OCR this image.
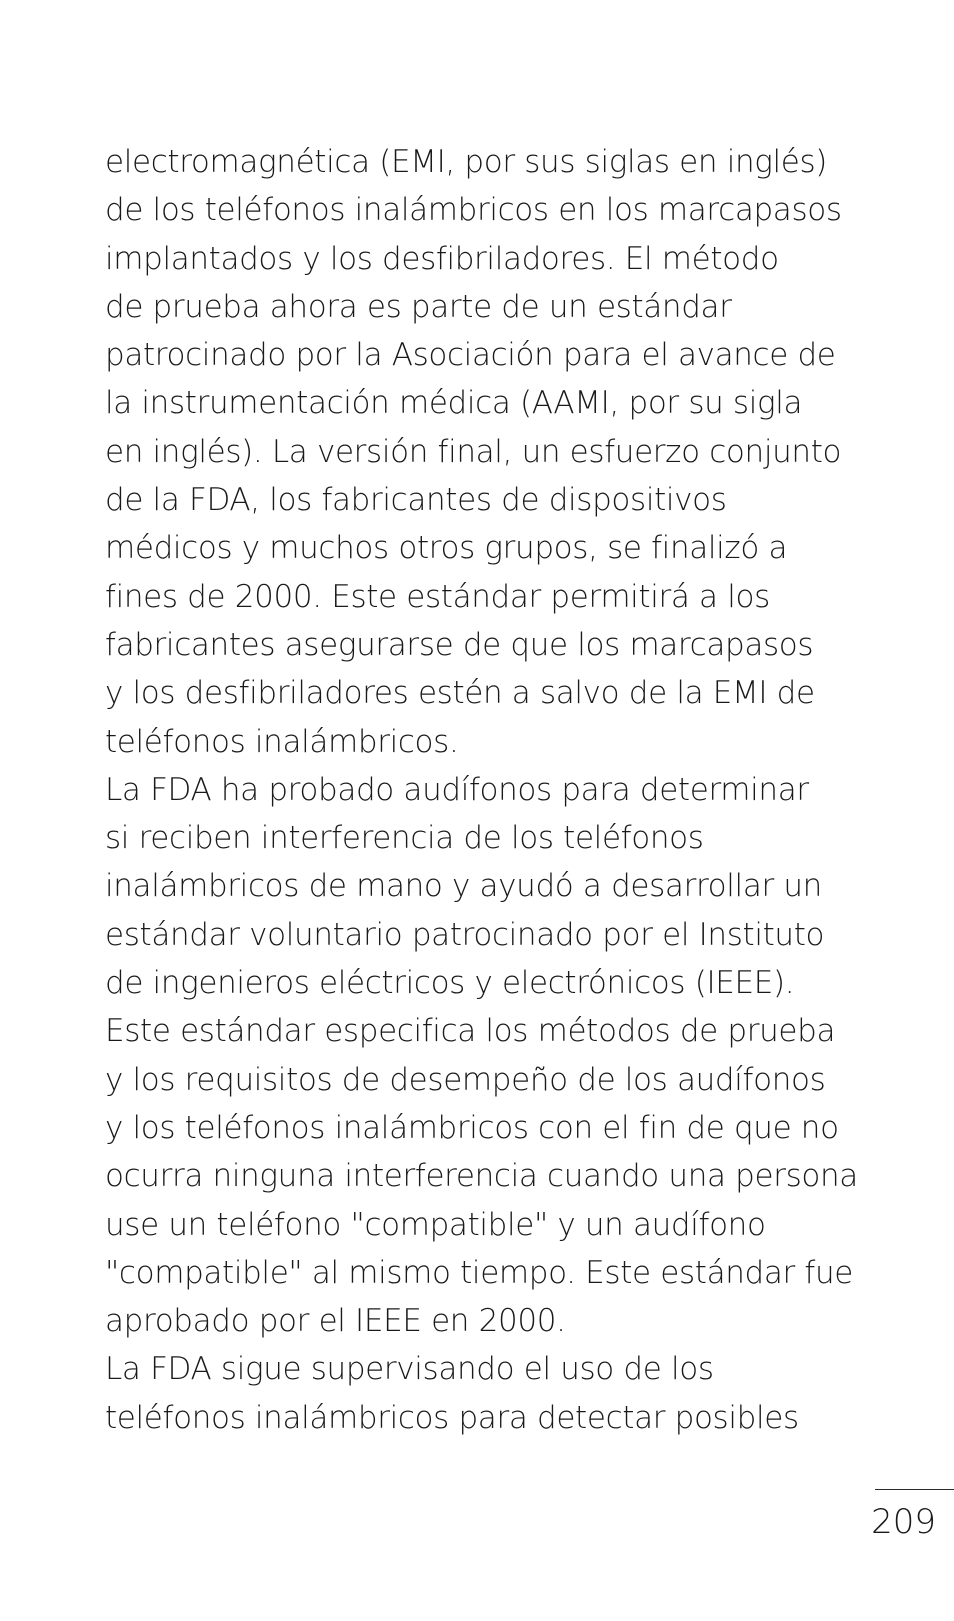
electromagnética (EMI, por sus siglas en inglés)
de los teléfonos inalámbricos en los marcapasos
implantados y los desfibriladores. El método
de prueba ahora es parte de un estándar
patrocinado por la Asociación para el avance de
la instrumentación médica (AAMI, por su sigla
en inglés). La versión final, un esfuerzo conjunto
de la FDA, los fabricantes de dispositivos
médicos y muchos otros grupos, se finalizó a
fines de 2000. Este estándar permitirá a los
fabricantes asegurarse de que los marcapasos
y los desfibriladores estén a salvo de la EMI de
teléfonos inalámbricos.
La FDA ha probado audífonos para determinar
si reciben interferencia de los teléfonos
inalámbricos de mano y ayudó a desarrollar un
estándar voluntario patrocinado por el Instituto
de ingenieros eléctricos y electrónicos (IEEE).
Este estándar especifica los métodos de prueba
y los requisitos de desempeño de los audífonos
y los teléfonos inalámbricos con el fin de que no
ocurra ninguna interferencia cuando una persona
use un teléfono "compatible" y un audífono
"compatible" al mismo tiempo. Este estándar fue
aprobado por el IEEE en 2000.
La FDA sigue supervisando el uso de los
teléfonos inalámbricos para detectar posibles
209
